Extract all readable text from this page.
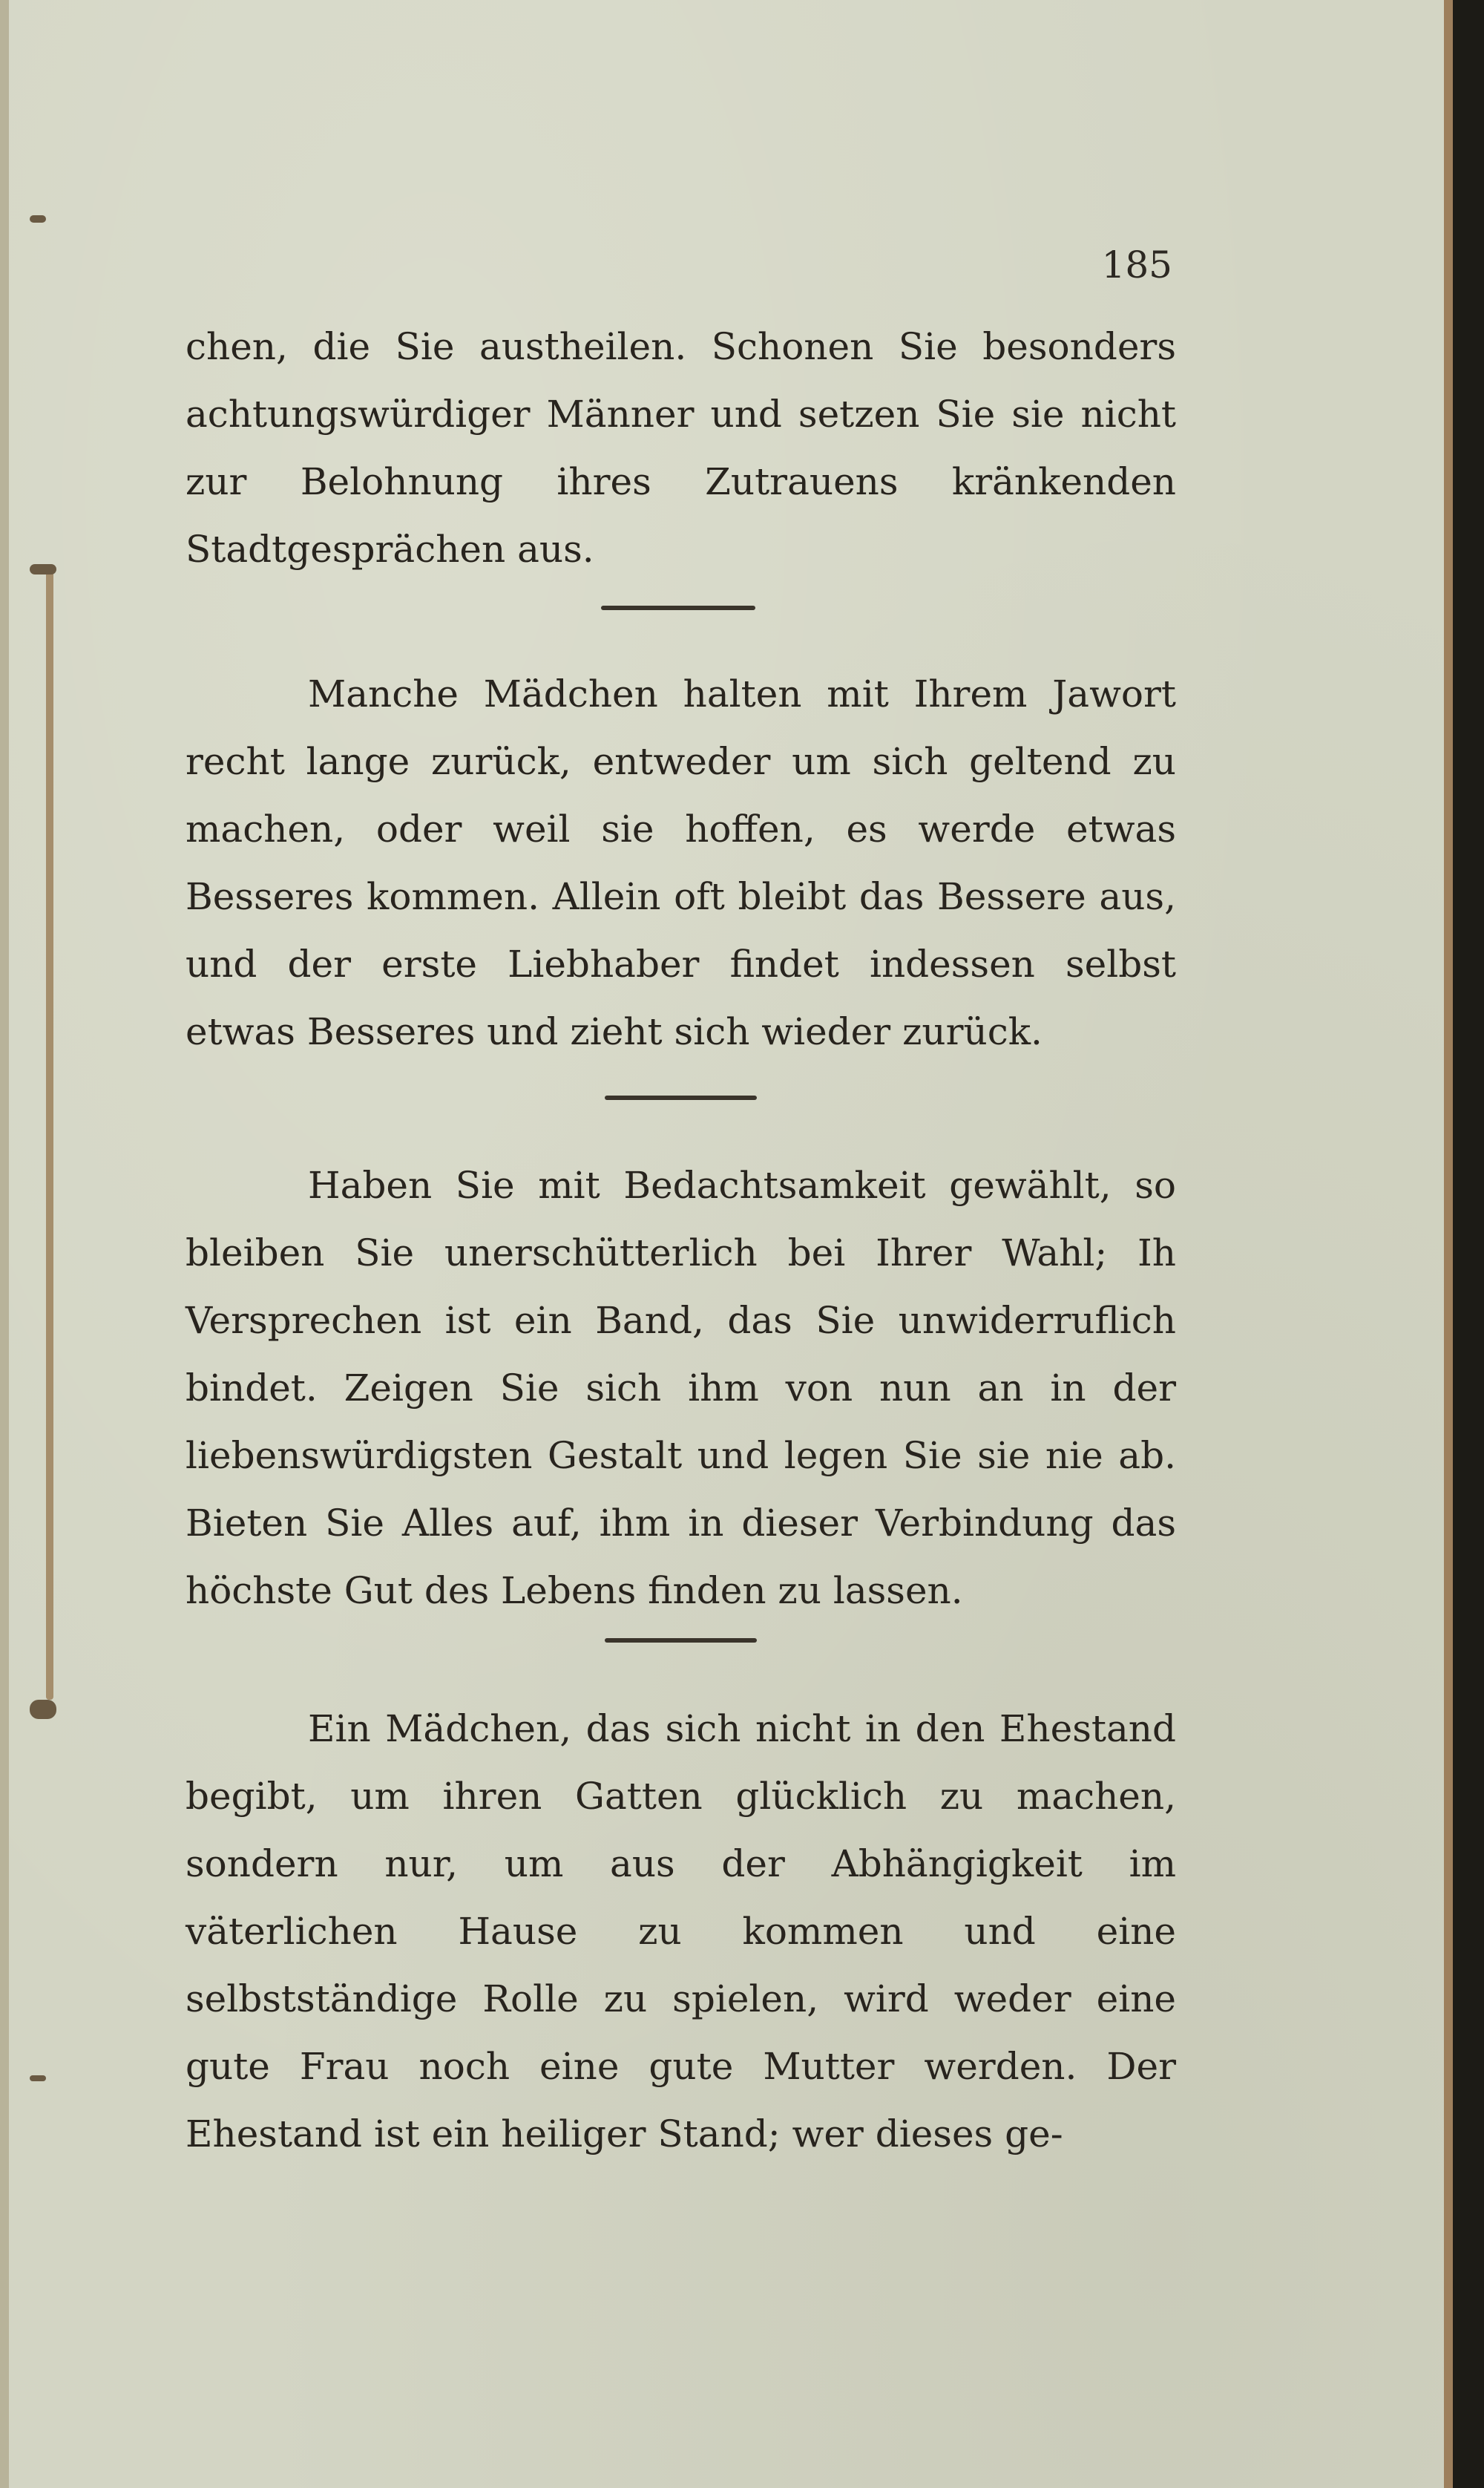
185

chen, die Sie austheilen. Schonen Sie besonders achtungswürdiger Männer und setzen Sie sie nicht zur Belohnung ihres Zutrauens kränkenden Stadtgesprächen aus.

Manche Mädchen halten mit Ihrem Jawort recht lange zurück, entweder um sich geltend zu machen, oder weil sie hoffen, es werde etwas Besseres kommen. Allein oft bleibt das Bessere aus, und der erste Liebhaber findet indessen selbst etwas Besseres und zieht sich wieder zurück.

Haben Sie mit Bedachtsamkeit gewählt, so bleiben Sie unerschütterlich bei Ihrer Wahl; Ih Versprechen ist ein Band, das Sie unwiderruflich bindet. Zeigen Sie sich ihm von nun an in der liebenswürdigsten Gestalt und legen Sie sie nie ab. Bieten Sie Alles auf, ihm in dieser Verbindung das höchste Gut des Lebens finden zu lassen.

Ein Mädchen, das sich nicht in den Ehestand begibt, um ihren Gatten glücklich zu machen, sondern nur, um aus der Abhängigkeit im väterlichen Hause zu kommen und eine selbstständige Rolle zu spielen, wird weder eine gute Frau noch eine gute Mutter werden. Der Ehestand ist ein heiliger Stand; wer dieses ge-
